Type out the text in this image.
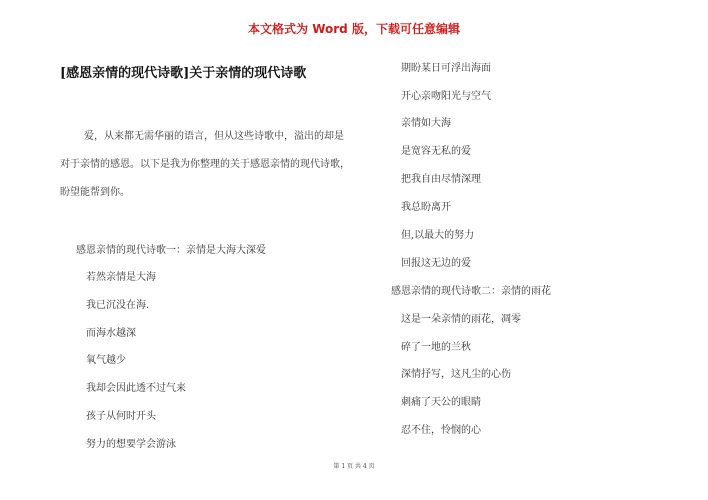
本文格式为 Word 版，下载可任意编辑
[感恩亲情的现代诗歌]关于亲情的现代诗歌
爱，从来都无需华丽的语言，但从这些诗歌中，溢出的却是对于亲情的感恩。以下是我为你整理的关于感恩亲情的现代诗歌，盼望能帮到你。
感恩亲情的现代诗歌一：亲情是大海大深爱
若然亲情是大海
我已沉没在海.
而海水越深
氧气越少
我却会因此透不过气来
孩子从何时开头
努力的想要学会游泳
期盼某日可浮出海面
开心亲吻阳光与空气
亲情如大海
是宽容无私的爱
把我自由尽情深理
我总盼离开
但,以最大的努力
回报这无边的爱
感恩亲情的现代诗歌二：亲情的雨花
这是一朵亲情的雨花，凋零
碎了一地的兰秋
深情抒写，这凡尘的心伤
刺痛了天公的眼睛
忍不住，怜悯的心
第 1 页 共 4 页
